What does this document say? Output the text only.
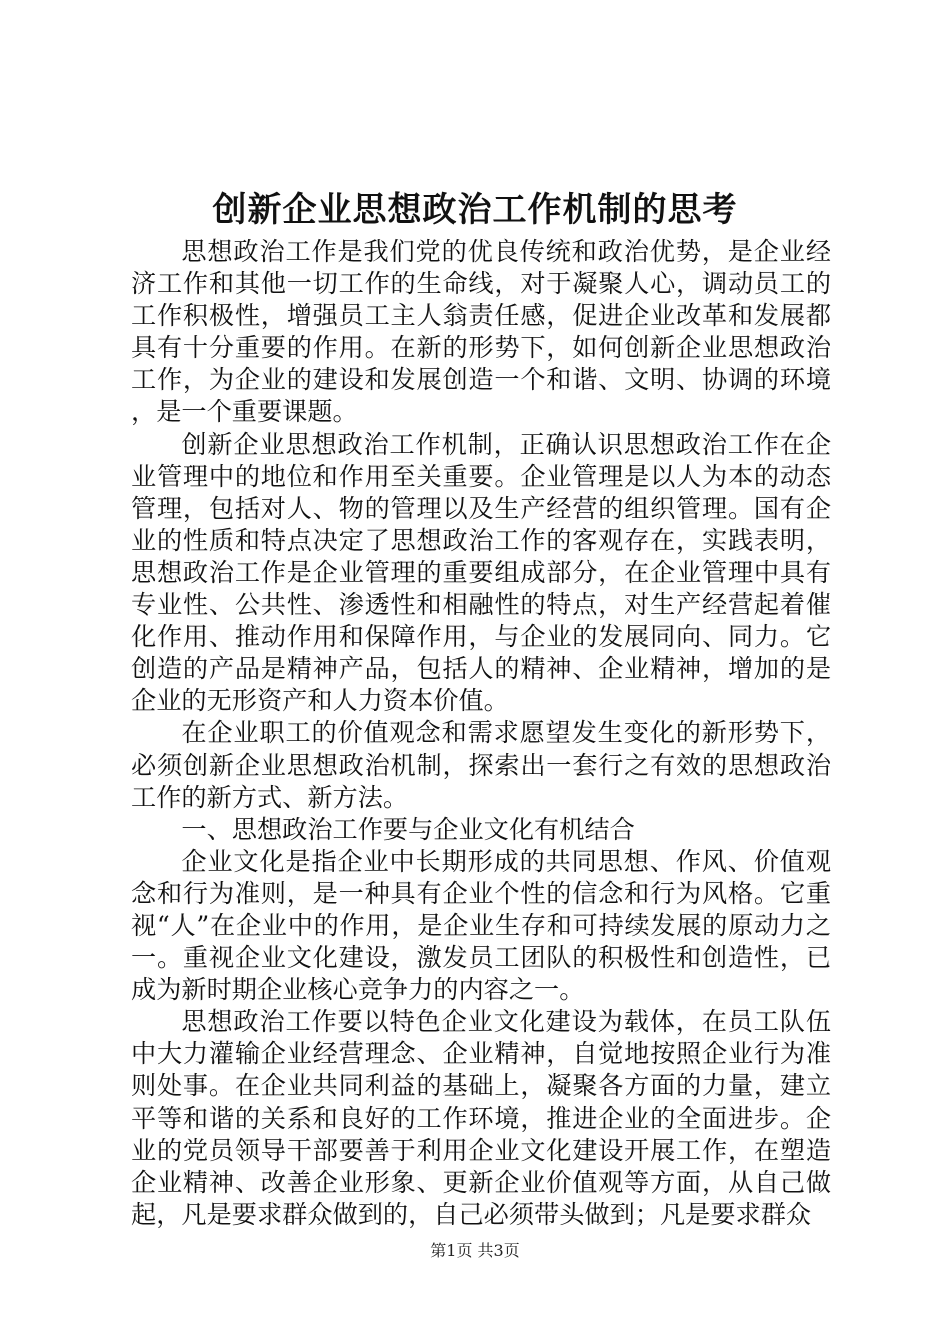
创新企业思想政治工作机制的思考

思想政治工作是我们党的优良传统和政治优势，是企业经济工作和其他一切工作的生命线，对于凝聚人心，调动员工的工作积极性，增强员工主人翁责任感，促进企业改革和发展都具有十分重要的作用。在新的形势下，如何创新企业思想政治工作，为企业的建设和发展创造一个和谐、文明、协调的环境，是一个重要课题。

创新企业思想政治工作机制，正确认识思想政治工作在企业管理中的地位和作用至关重要。企业管理是以人为本的动态管理，包括对人、物的管理以及生产经营的组织管理。国有企业的性质和特点决定了思想政治工作的客观存在，实践表明，思想政治工作是企业管理的重要组成部分，在企业管理中具有专业性、公共性、渗透性和相融性的特点，对生产经营起着催化作用、推动作用和保障作用，与企业的发展同向、同力。它创造的产品是精神产品，包括人的精神、企业精神，增加的是企业的无形资产和人力资本价值。

在企业职工的价值观念和需求愿望发生变化的新形势下，必须创新企业思想政治机制，探索出一套行之有效的思想政治工作的新方式、新方法。

一、思想政治工作要与企业文化有机结合

企业文化是指企业中长期形成的共同思想、作风、价值观念和行为准则，是一种具有企业个性的信念和行为风格。它重视“人”在企业中的作用，是企业生存和可持续发展的原动力之一。重视企业文化建设，激发员工团队的积极性和创造性，已成为新时期企业核心竞争力的内容之一。

思想政治工作要以特色企业文化建设为载体，在员工队伍中大力灌输企业经营理念、企业精神，自觉地按照企业行为准则处事。在企业共同利益的基础上，凝聚各方面的力量，建立平等和谐的关系和良好的工作环境，推进企业的全面进步。企业的党员领导干部要善于利用企业文化建设开展工作，在塑造企业精神、改善企业形象、更新企业价值观等方面，从自己做起，凡是要求群众做到的，自己必须带头做到；凡是要求群众

第1页 共3页
